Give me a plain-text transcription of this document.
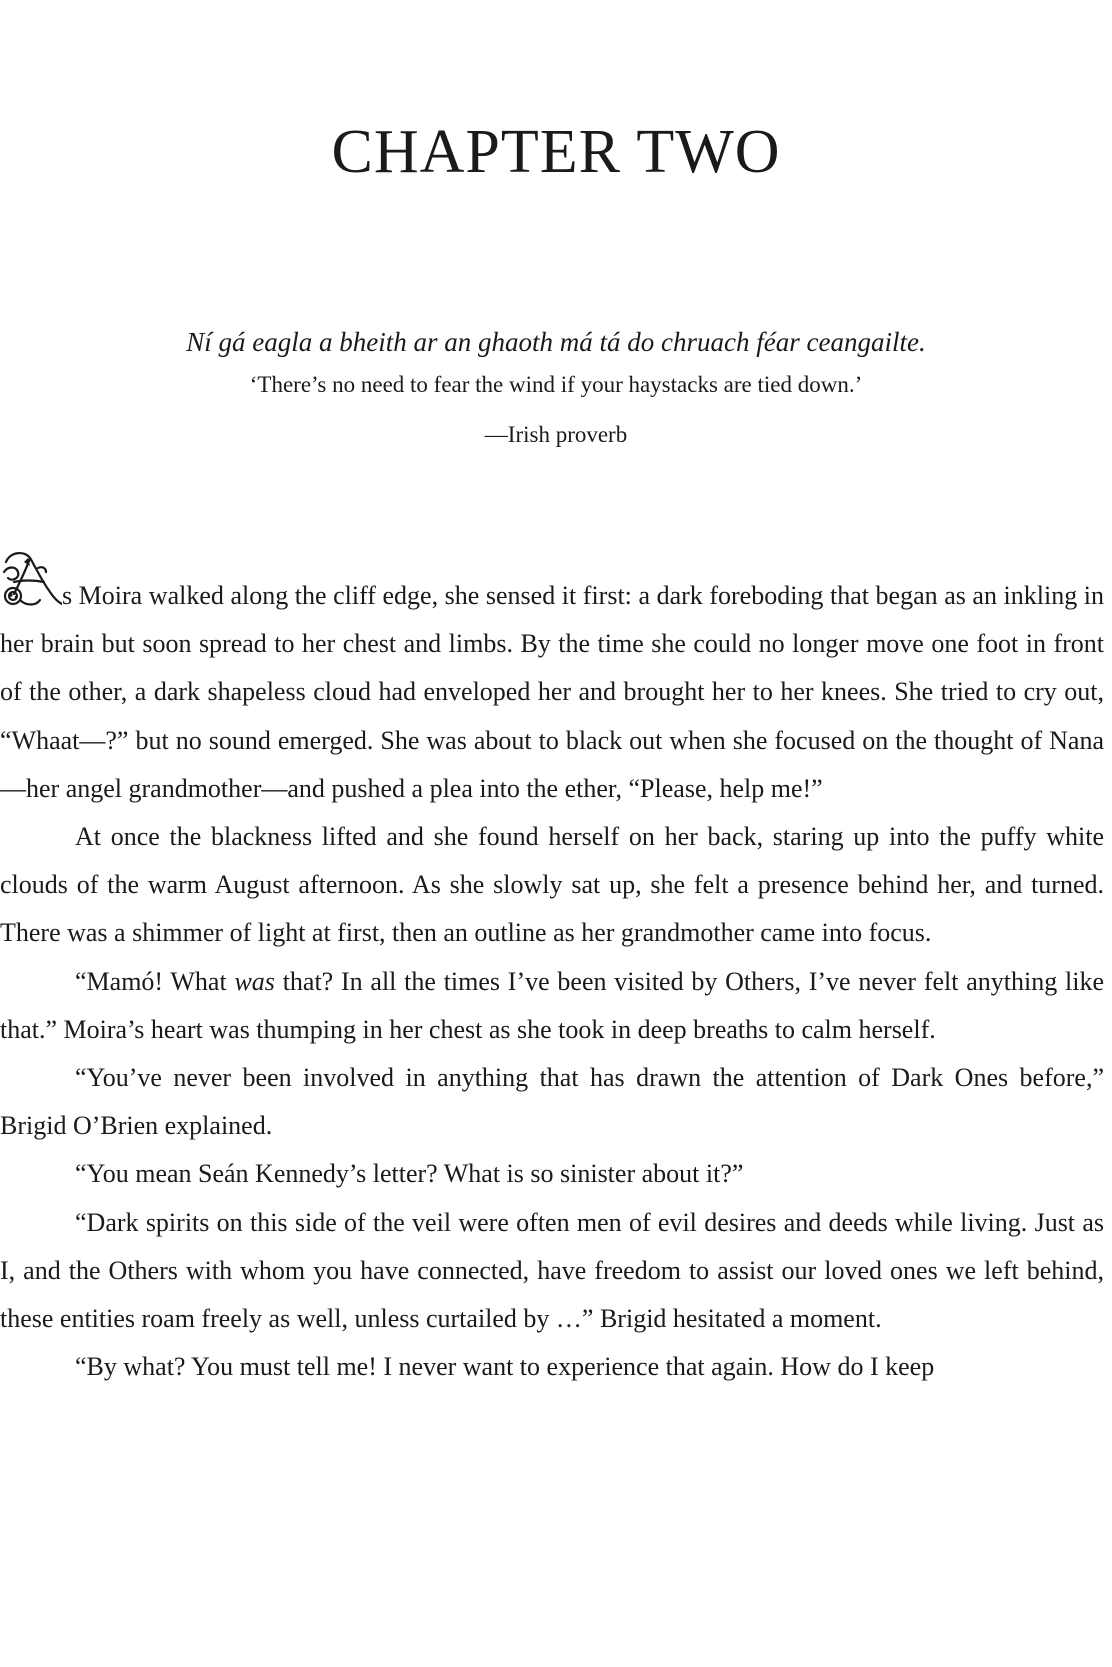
CHAPTER TWO

Ní gá eagla a bheith ar an ghaoth má tá do chruach féar ceangailte.

‘There’s no need to fear the wind if your haystacks are tied down.’

—Irish proverb

s Moira walked along the cliff edge, she sensed it first: a dark foreboding that began as an inkling in her brain but soon spread to her chest and limbs. By the time she could no longer move one foot in front of the other, a dark shapeless cloud had enveloped her and brought her to her knees. She tried to cry out, “Whaat—?” but no sound emerged. She was about to black out when she focused on the thought of Nana—her angel grandmother—and pushed a plea into the ether, “Please, help me!”

At once the blackness lifted and she found herself on her back, staring up into the puffy white clouds of the warm August afternoon. As she slowly sat up, she felt a presence behind her, and turned. There was a shimmer of light at first, then an outline as her grandmother came into focus.

“Mamó! What was that? In all the times I’ve been visited by Others, I’ve never felt anything like that.” Moira’s heart was thumping in her chest as she took in deep breaths to calm herself.

“You’ve never been involved in anything that has drawn the attention of Dark Ones before,” Brigid O’Brien explained.

“You mean Seán Kennedy’s letter? What is so sinister about it?”

“Dark spirits on this side of the veil were often men of evil desires and deeds while living. Just as I, and the Others with whom you have connected, have freedom to assist our loved ones we left behind, these entities roam freely as well, unless curtailed by …” Brigid hesitated a moment.

“By what? You must tell me! I never want to experience that again. How do I keep
